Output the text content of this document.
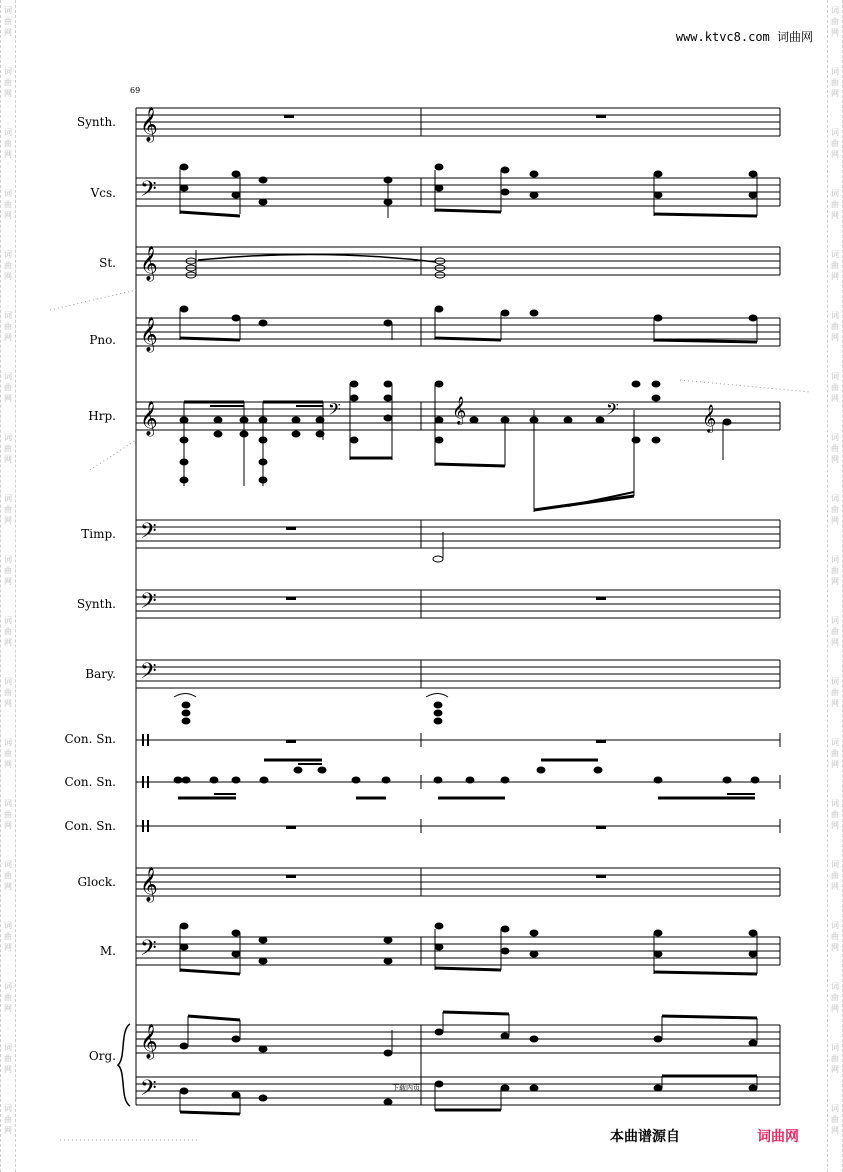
词
曲
网
词
曲
网
词
曲
网
词
曲
网
词
曲
网
词
曲
网
词
曲
网
词
曲
网
词
曲
网
词
曲
网
词
曲
网
词
曲
网
词
曲
网
词
曲
网
词
曲
网
词
曲
网
词
曲
网
词
曲
网
词
曲
网
词
曲
网
词
曲
网
词
曲
网
词
曲
网
词
曲
网
词
曲
网
词
曲
网
词
曲
网
词
曲
网
词
曲
网
词
曲
网
词
曲
网
词
曲
网
词
曲
网
词
曲
网
词
曲
网
词
曲
网
词
曲
网
词
曲
网
www.ktvc8.com 词曲网
69
Synth.
Vcs.
St.
Pno.
Hrp.
Timp.
Synth.
Bary.
Con. Sn.
Con. Sn.
Con. Sn.
Glock.
M.
Org.
𝄞
𝄢
𝄞
𝄞
𝄞
𝄢
𝄢
𝄢
𝄞
𝄢
𝄞
𝄢
𝄞
𝄢	𝄢	𝄞
下载内页
本曲谱源自	词曲网
